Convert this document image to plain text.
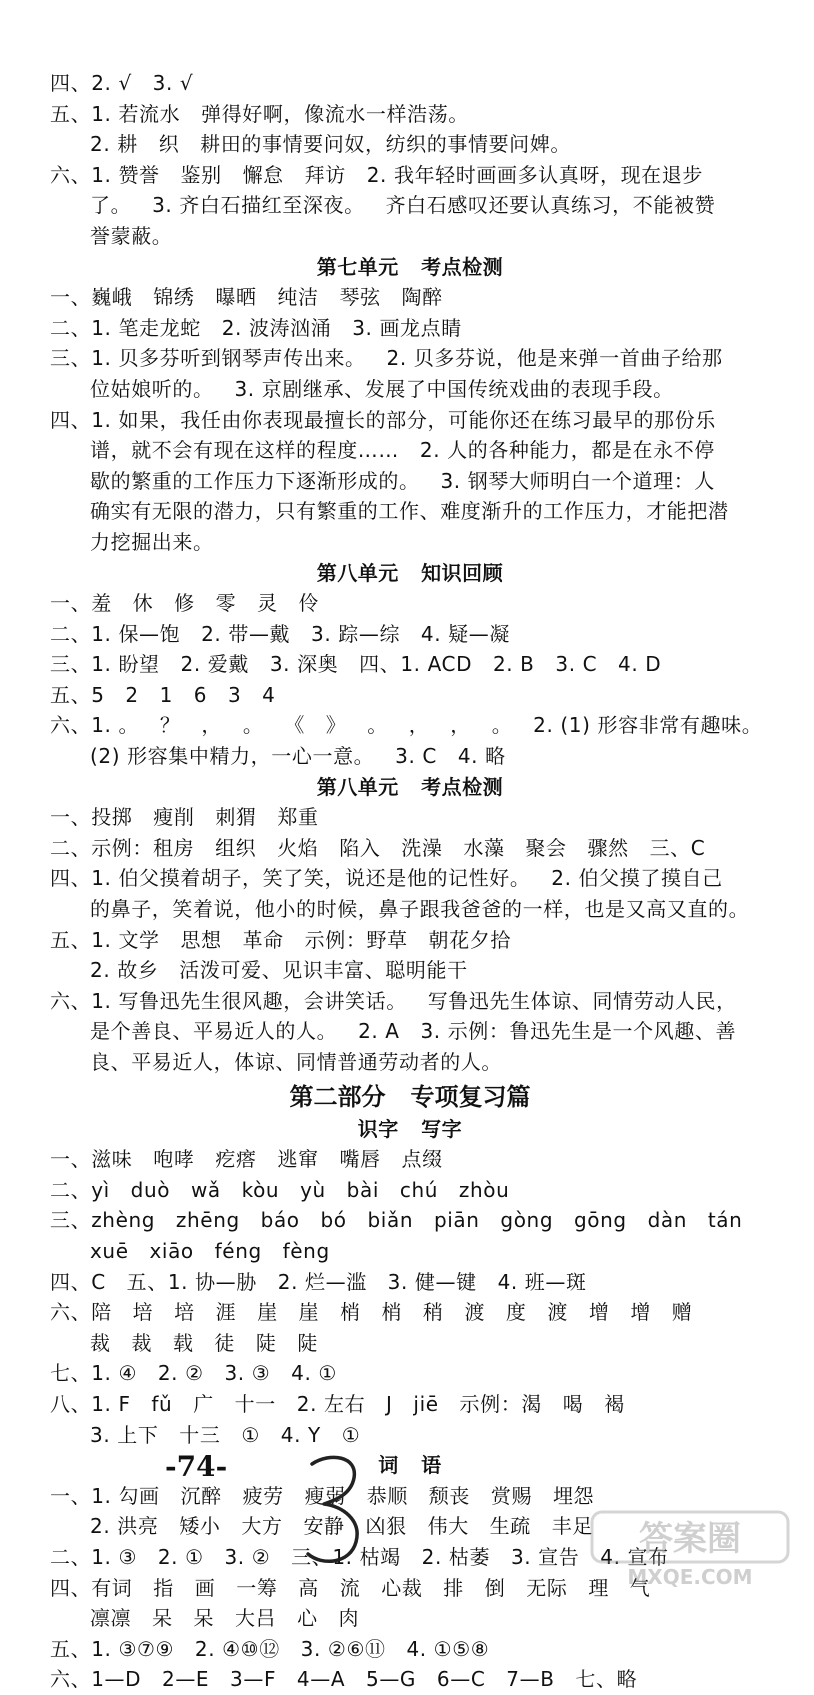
四、2. √   3. √
五、1. 若流水   弹得好啊，像流水一样浩荡。
2. 耕   织   耕田的事情要问奴，纺织的事情要问婢。
六、1. 赞誉   鉴别   懈怠   拜访   2. 我年轻时画画多认真呀，现在退步
了。   3. 齐白石描红至深夜。   齐白石感叹还要认真练习，不能被赞
誉蒙蔽。
第七单元   考点检测
一、巍峨   锦绣   曝晒   纯洁   琴弦   陶醉
二、1. 笔走龙蛇   2. 波涛汹涌   3. 画龙点睛
三、1. 贝多芬听到钢琴声传出来。   2. 贝多芬说，他是来弹一首曲子给那
位姑娘听的。   3. 京剧继承、发展了中国传统戏曲的表现手段。
四、1. 如果，我任由你表现最擅长的部分，可能你还在练习最早的那份乐
谱，就不会有现在这样的程度……   2. 人的各种能力，都是在永不停
歇的繁重的工作压力下逐渐形成的。   3. 钢琴大师明白一个道理：人
确实有无限的潜力，只有繁重的工作、难度渐升的工作压力，才能把潜
力挖掘出来。
第八单元   知识回顾
一、羞   休   修   零   灵   伶
二、1. 保—饱   2. 带—戴   3. 踪—综   4. 疑—凝
三、1. 盼望   2. 爱戴   3. 深奥   四、1. ACD   2. B   3. C   4. D
五、5   2   1   6   3   4
六、1. 。   ？   ，   。   《   》   。   ，   ，   。   2. (1) 形容非常有趣味。
(2) 形容集中精力，一心一意。   3. C   4. 略
第八单元   考点检测
一、投掷   瘦削   刺猬   郑重
二、示例：租房   组织   火焰   陷入   洗澡   水藻   聚会   骤然   三、C
四、1. 伯父摸着胡子，笑了笑，说还是他的记性好。   2. 伯父摸了摸自己
的鼻子，笑着说，他小的时候，鼻子跟我爸爸的一样，也是又高又直的。
五、1. 文学   思想   革命   示例：野草   朝花夕拾
2. 故乡   活泼可爱、见识丰富、聪明能干
六、1. 写鲁迅先生很风趣，会讲笑话。   写鲁迅先生体谅、同情劳动人民，
是个善良、平易近人的人。   2. A   3. 示例：鲁迅先生是一个风趣、善
良、平易近人，体谅、同情普通劳动者的人。
第二部分   专项复习篇
识字   写字
一、滋味   咆哮   疙瘩   逃窜   嘴唇   点缀
二、yì   duò   wǎ   kòu   yù   bài   chú   zhòu
三、zhèng   zhēng   báo   bó   biǎn   piān   gòng   gōng   dàn   tán
xuē   xiāo   féng   fèng
四、C   五、1. 协—胁   2. 烂—滥   3. 健—键   4. 班—斑
六、陪   培   培   涯   崖   崖   梢   梢   稍   渡   度   渡   增   增   赠
裁   裁   载   徒   陡   陡
七、1. ④   2. ②   3. ③   4. ①
八、1. F   fǔ   广   十一   2. 左右   J   jiē   示例：渴   喝   褐
3. 上下   十三   ①   4. Y   ①
词   语
一、1. 勾画   沉醉   疲劳   瘦弱   恭顺   颓丧   赏赐   埋怨
2. 洪亮   矮小   大方   安静   凶狠   伟大   生疏   丰足
二、1. ③   2. ①   3. ②   三、1. 枯竭   2. 枯萎   3. 宣告   4. 宣布
四、有词   指   画   一筹   高   流   心裁   排   倒   无际   理   气
凛凛   呆   呆   大吕   心   肉
五、1. ③⑦⑨   2. ④⑩⑫   3. ②⑥⑪   4. ①⑤⑧
六、1—D   2—E   3—F   4—A   5—G   6—C   7—B   七、略
-74-
答案圈
MXQE.COM
